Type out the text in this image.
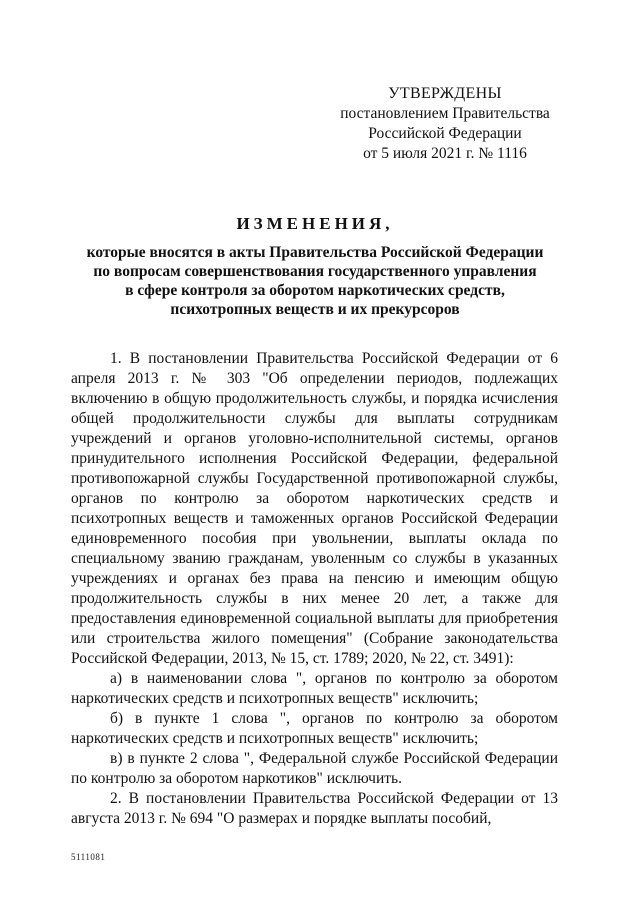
УТВЕРЖДЕНЫ
постановлением Правительства
Российской Федерации
от 5 июля 2021 г. № 1116
ИЗМЕНЕНИЯ,
которые вносятся в акты Правительства Российской Федерации
по вопросам совершенствования государственного управления
в сфере контроля за оборотом наркотических средств,
психотропных веществ и их прекурсоров
1. В постановлении Правительства Российской Федерации от 6 апреля 2013 г. № 303 "Об определении периодов, подлежащих включению в общую продолжительность службы, и порядка исчисления общей продолжительности службы для выплаты сотрудникам учреждений и органов уголовно-исполнительной системы, органов принудительного исполнения Российской Федерации, федеральной противопожарной службы Государственной противопожарной службы, органов по контролю за оборотом наркотических средств и психотропных веществ и таможенных органов Российской Федерации единовременного пособия при увольнении, выплаты оклада по специальному званию гражданам, уволенным со службы в указанных учреждениях и органах без права на пенсию и имеющим общую продолжительность службы в них менее 20 лет, а также для предоставления единовременной социальной выплаты для приобретения или строительства жилого помещения" (Собрание законодательства Российской Федерации, 2013, № 15, ст. 1789; 2020, № 22, ст. 3491):
а) в наименовании слова ", органов по контролю за оборотом наркотических средств и психотропных веществ" исключить;
б) в пункте 1 слова ", органов по контролю за оборотом наркотических средств и психотропных веществ" исключить;
в) в пункте 2 слова ", Федеральной службе Российской Федерации по контролю за оборотом наркотиков" исключить.
2. В постановлении Правительства Российской Федерации от 13 августа 2013 г. № 694 "О размерах и порядке выплаты пособий,
5111081
